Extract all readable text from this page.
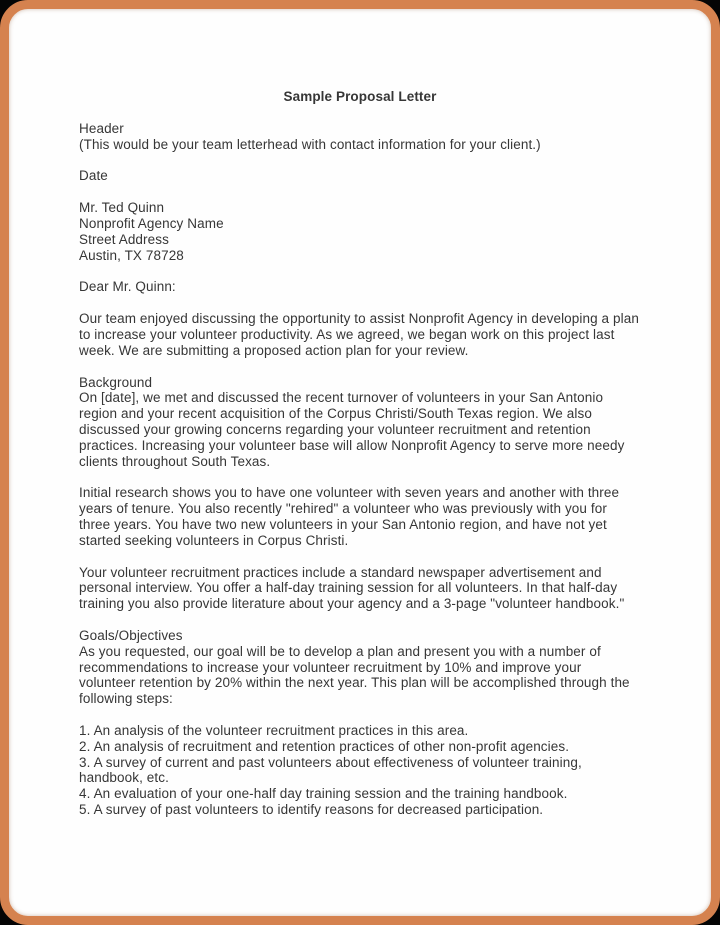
Sample Proposal Letter
Header
(This would be your team letterhead with contact information for your client.)
Date
Mr. Ted Quinn
Nonprofit Agency Name
Street Address
Austin, TX 78728
Dear Mr. Quinn:
Our team enjoyed discussing the opportunity to assist Nonprofit Agency in developing a plan to increase your volunteer productivity. As we agreed, we began work on this project last week. We are submitting a proposed action plan for your review.
Background
On [date], we met and discussed the recent turnover of volunteers in your San Antonio region and your recent acquisition of the Corpus Christi/South Texas region. We also discussed your growing concerns regarding your volunteer recruitment and retention practices. Increasing your volunteer base will allow Nonprofit Agency to serve more needy clients throughout South Texas.
Initial research shows you to have one volunteer with seven years and another with three years of tenure. You also recently "rehired" a volunteer who was previously with you for three years. You have two new volunteers in your San Antonio region, and have not yet started seeking volunteers in Corpus Christi.
Your volunteer recruitment practices include a standard newspaper advertisement and personal interview. You offer a half-day training session for all volunteers. In that half-day training you also provide literature about your agency and a 3-page "volunteer handbook."
Goals/Objectives
As you requested, our goal will be to develop a plan and present you with a number of recommendations to increase your volunteer recruitment by 10% and improve your volunteer retention by 20% within the next year. This plan will be accomplished through the following steps:
1. An analysis of the volunteer recruitment practices in this area.
2. An analysis of recruitment and retention practices of other non-profit agencies.
3. A survey of current and past volunteers about effectiveness of volunteer training, handbook, etc.
4. An evaluation of your one-half day training session and the training handbook.
5. A survey of past volunteers to identify reasons for decreased participation.
